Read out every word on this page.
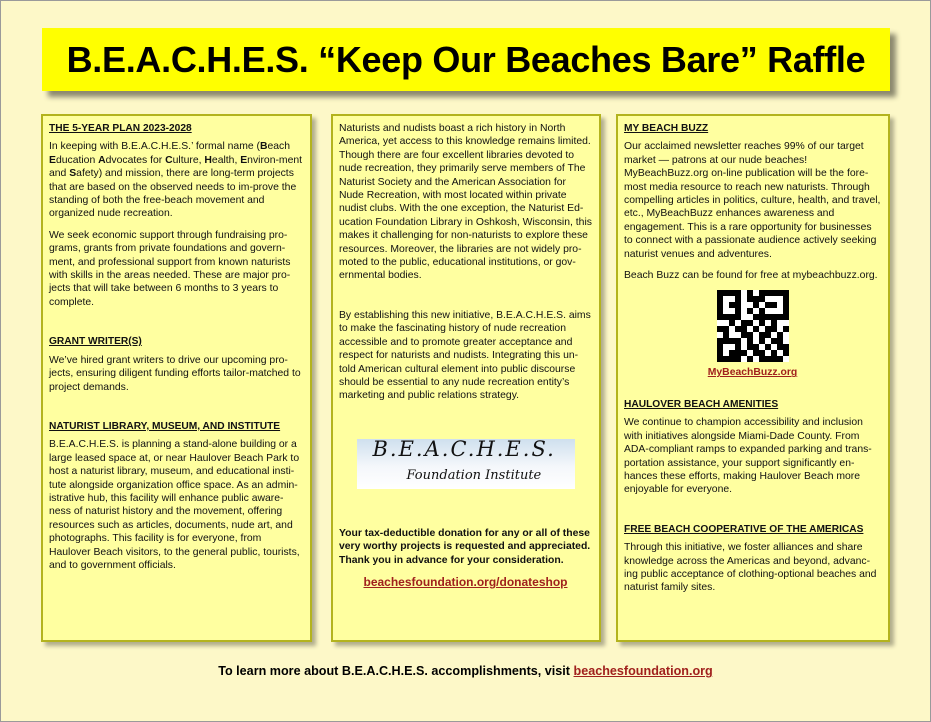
B.E.A.C.H.E.S. “Keep Our Beaches Bare” Raffle
THE 5-YEAR PLAN 2023-2028

In keeping with B.E.A.C.H.E.S.’ formal name (Beach Education Advocates for Culture, Health, Environ-ment and Safety) and mission, there are long-term projects that are based on the observed needs to im-prove the standing of both the free-beach movement and organized nude recreation.

We seek economic support through fundraising pro-grams, grants from private foundations and govern-ment, and professional support from known naturists with skills in the areas needed. These are major pro-jects that will take between 6 months to 3 years to complete.

GRANT WRITER(S)

We’ve hired grant writers to drive our upcoming pro-jects, ensuring diligent funding efforts tailor-matched to project demands.

NATURIST LIBRARY, MUSEUM, AND INSTITUTE

B.E.A.C.H.E.S. is planning a stand-alone building or a large leased space at, or near Haulover Beach Park to host a naturist library, museum, and educational insti-tute alongside organization office space. As an admin-istrative hub, this facility will enhance public aware-ness of naturist history and the movement, offering resources such as articles, documents, nude art, and photographs. This facility is for everyone, from Haulover Beach visitors, to the general public, tourists, and to government officials.

Naturists and nudists boast a rich history in North America, yet access to this knowledge remains limited. Though there are four excellent libraries devoted to nude recreation, they primarily serve members of The Naturist Society and the American Association for Nude Recreation, with most located within private nudist clubs. With the one exception, the Naturist Ed-ucation Foundation Library in Oshkosh, Wisconsin, this makes it challenging for non-naturists to explore these resources. Moreover, the libraries are not widely pro-moted to the public, educational institutions, or gov-ernmental bodies.

By establishing this new initiative, B.E.A.C.H.E.S. aims to make the fascinating history of nude recreation accessible and to promote greater acceptance and respect for naturists and nudists. Integrating this un-told American cultural element into public discourse should be essential to any nude recreation entity’s marketing and public relations strategy.

B.E.A.C.H.E.S.
Foundation Institute

Your tax-deductible donation for any or all of these very worthy projects is requested and appreciated. Thank you in advance for your consideration.

beachesfoundation.org/donateshop
MY BEACH BUZZ

Our acclaimed newsletter reaches 99% of our target market — patrons at our nude beaches! MyBeachBuzz.org on-line publication will be the fore-most media resource to reach new naturists. Through compelling articles in politics, culture, health, and travel, etc., MyBeachBuzz enhances awareness and engagement. This is a rare opportunity for businesses to connect with a passionate audience actively seeking naturist venues and adventures.

Beach Buzz can be found for free at mybeachbuzz.org.

MyBeachBuzz.org
HAULOVER BEACH AMENITIES

We continue to champion accessibility and inclusion with initiatives alongside Miami-Dade County. From ADA-compliant ramps to expanded parking and trans-portation assistance, your support significantly en-hances these efforts, making Haulover Beach more enjoyable for everyone.

FREE BEACH COOPERATIVE OF THE AMERICAS

Through this initiative, we foster alliances and share knowledge across the Americas and beyond, advanc-ing public acceptance of clothing-optional beaches and naturist family sites.

To learn more about B.E.A.C.H.E.S. accomplishments, visit beachesfoundation.org
